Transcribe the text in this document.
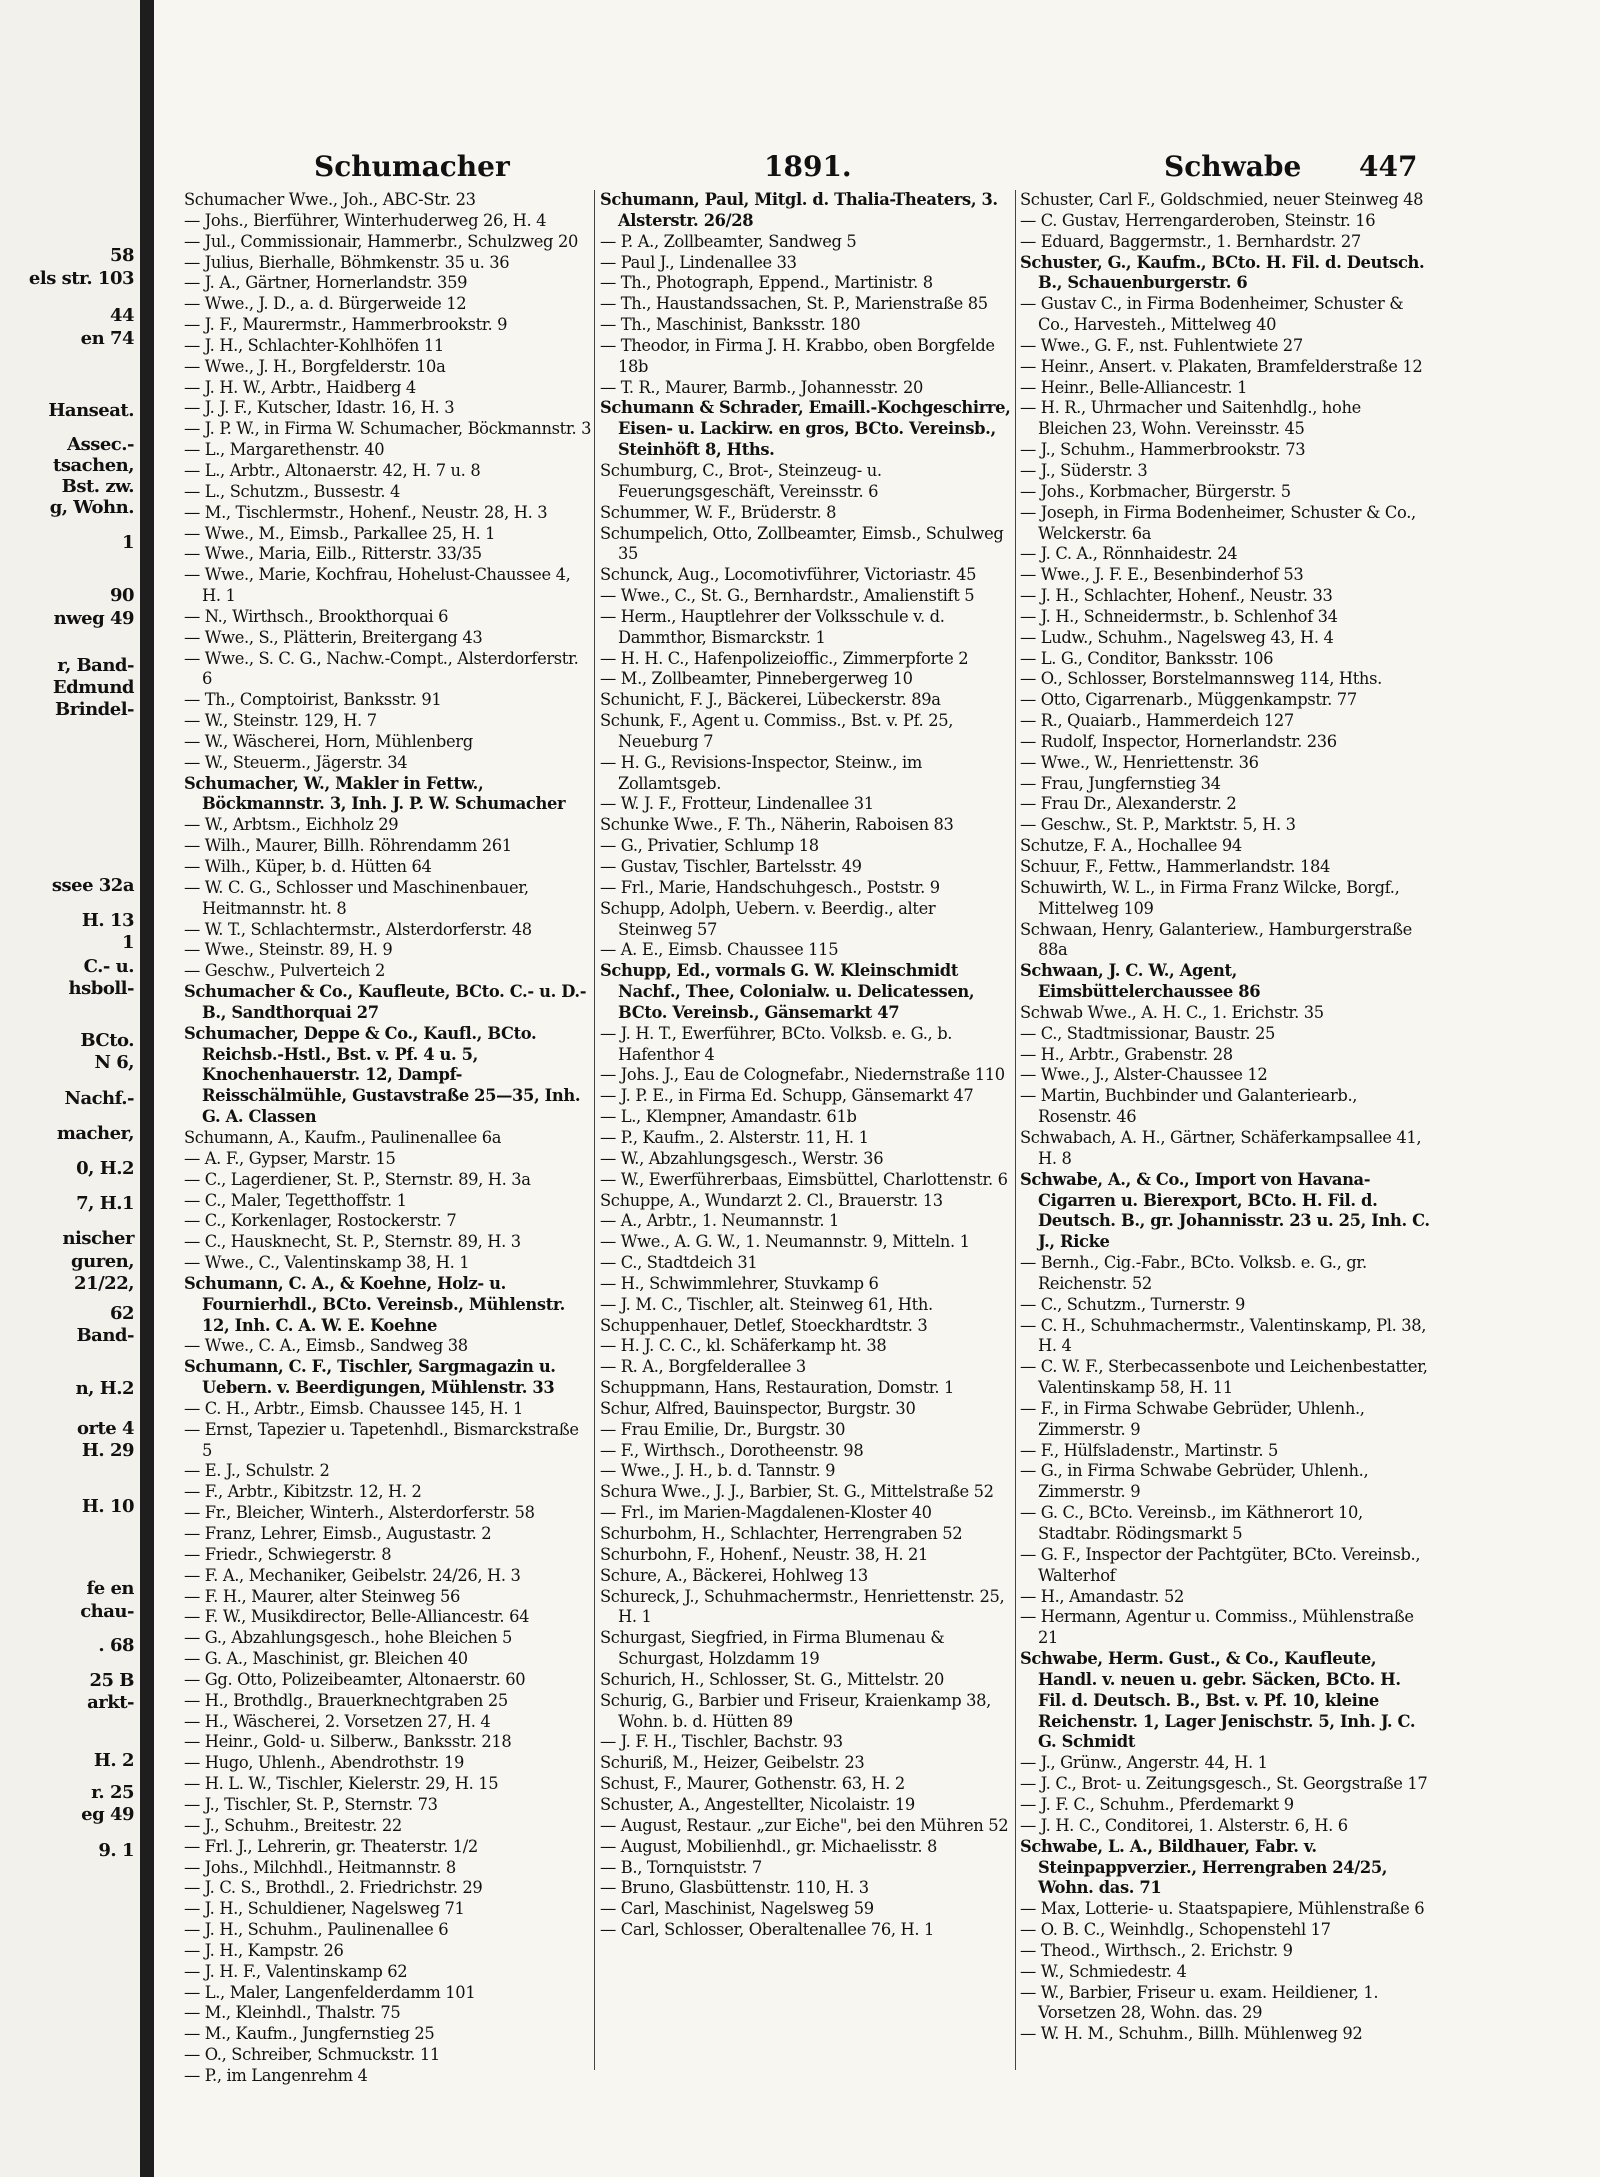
58
els str. 103
44
en 74
Hanseat.
Assec.-
tsachen,
Bst. zw.
g, Wohn.
1
90
nweg 49
r, Band-
Edmund
Brindel-
ssee 32a
H. 13
1
C.- u.
hsboll-
BCto.
N 6,
Nachf.-
macher,
0, H.2
7, H.1
nischer
guren,
21/22,
62
Band-
n, H.2
orte 4
H. 29
H. 10
fe en
chau-
. 68
25 B
arkt-
H. 2
r. 25
eg 49
9. 1
Schumacher	1891.	Schwabe 447
Schumacher Wwe., Joh., ABC-Str. 23
— Johs., Bierführer, Winterhuderweg 26, H. 4
— Jul., Commissionair, Hammerbr., Schulzweg 20
— Julius, Bierhalle, Böhmkenstr. 35 u. 36
— J. A., Gärtner, Hornerlandstr. 359
— Wwe., J. D., a. d. Bürgerweide 12
— J. F., Maurermstr., Hammerbrookstr. 9
— J. H., Schlachter-Kohlhöfen 11
— Wwe., J. H., Borgfelderstr. 10a
— J. H. W., Arbtr., Haidberg 4
— J. J. F., Kutscher, Idastr. 16, H. 3
— J. P. W., in Firma W. Schumacher, Böckmannstr. 3
— L., Margarethenstr. 40
— L., Arbtr., Altonaerstr. 42, H. 7 u. 8
— L., Schutzm., Bussestr. 4
— M., Tischlermstr., Hohenf., Neustr. 28, H. 3
— Wwe., M., Eimsb., Parkallee 25, H. 1
— Wwe., Maria, Eilb., Ritterstr. 33/35
— Wwe., Marie, Kochfrau, Hohelust-Chaussee 4, H. 1
— N., Wirthsch., Brookthorquai 6
— Wwe., S., Plätterin, Breitergang 43
— Wwe., S. C. G., Nachw.-Compt., Alsterdorferstr. 6
— Th., Comptoirist, Banksstr. 91
— W., Steinstr. 129, H. 7
— W., Wäscherei, Horn, Mühlenberg
— W., Steuerm., Jägerstr. 34
Schumacher, W., Makler in Fettw., Böckmannstr. 3, Inh. J. P. W. Schumacher
— W., Arbtsm., Eichholz 29
— Wilh., Maurer, Billh. Röhrendamm 261
— Wilh., Küper, b. d. Hütten 64
— W. C. G., Schlosser und Maschinenbauer, Heitmannstr. ht. 8
— W. T., Schlachtermstr., Alsterdorferstr. 48
— Wwe., Steinstr. 89, H. 9
— Geschw., Pulverteich 2
Schumacher & Co., Kaufleute, BCto. C.- u. D.-B., Sandthorquai 27
Schumacher, Deppe & Co., Kaufl., BCto. Reichsb.-Hstl., Bst. v. Pf. 4 u. 5, Knochenhauerstr. 12, Dampf-Reisschälmühle, Gustavstraße 25—35, Inh. G. A. Classen
Schumann, A., Kaufm., Paulinenallee 6a
— A. F., Gypser, Marstr. 15
— C., Lagerdiener, St. P., Sternstr. 89, H. 3a
— C., Maler, Tegetthoffstr. 1
— C., Korkenlager, Rostockerstr. 7
— C., Hausknecht, St. P., Sternstr. 89, H. 3
— Wwe., C., Valentinskamp 38, H. 1
Schumann, C. A., & Koehne, Holz- u. Fournierhdl., BCto. Vereinsb., Mühlenstr. 12, Inh. C. A. W. E. Koehne
— Wwe., C. A., Eimsb., Sandweg 38
Schumann, C. F., Tischler, Sargmagazin u. Uebern. v. Beerdigungen, Mühlenstr. 33
— C. H., Arbtr., Eimsb. Chaussee 145, H. 1
— Ernst, Tapezier u. Tapetenhdl., Bismarckstraße 5
— E. J., Schulstr. 2
— F., Arbtr., Kibitzstr. 12, H. 2
— Fr., Bleicher, Winterh., Alsterdorferstr. 58
— Franz, Lehrer, Eimsb., Augustastr. 2
— Friedr., Schwiegerstr. 8
— F. A., Mechaniker, Geibelstr. 24/26, H. 3
— F. H., Maurer, alter Steinweg 56
— F. W., Musikdirector, Belle-Alliancestr. 64
— G., Abzahlungsgesch., hohe Bleichen 5
— G. A., Maschinist, gr. Bleichen 40
— Gg. Otto, Polizeibeamter, Altonaerstr. 60
— H., Brothdlg., Brauerknechtgraben 25
— H., Wäscherei, 2. Vorsetzen 27, H. 4
— Heinr., Gold- u. Silberw., Banksstr. 218
— Hugo, Uhlenh., Abendrothstr. 19
— H. L. W., Tischler, Kielerstr. 29, H. 15
— J., Tischler, St. P., Sternstr. 73
— J., Schuhm., Breitestr. 22
— Frl. J., Lehrerin, gr. Theaterstr. 1/2
— Johs., Milchhdl., Heitmannstr. 8
— J. C. S., Brothdl., 2. Friedrichstr. 29
— J. H., Schuldiener, Nagelsweg 71
— J. H., Schuhm., Paulinenallee 6
— J. H., Kampstr. 26
— J. H. F., Valentinskamp 62
— L., Maler, Langenfelderdamm 101
— M., Kleinhdl., Thalstr. 75
— M., Kaufm., Jungfernstieg 25
— O., Schreiber, Schmuckstr. 11
— P., im Langenrehm 4
Schumann, Paul, Mitgl. d. Thalia-Theaters, 3. Alsterstr. 26/28
— P. A., Zollbeamter, Sandweg 5
— Paul J., Lindenallee 33
— Th., Photograph, Eppend., Martinistr. 8
— Th., Haustandssachen, St. P., Marienstraße 85
— Th., Maschinist, Banksstr. 180
— Theodor, in Firma J. H. Krabbo, oben Borgfelde 18b
— T. R., Maurer, Barmb., Johannesstr. 20
Schumann & Schrader, Emaill.-Kochgeschirre, Eisen- u. Lackirw. en gros, BCto. Vereinsb., Steinhöft 8, Hths.
Schumburg, C., Brot-, Steinzeug- u. Feuerungsgeschäft, Vereinsstr. 6
Schummer, W. F., Brüderstr. 8
Schumpelich, Otto, Zollbeamter, Eimsb., Schulweg 35
Schunck, Aug., Locomotivführer, Victoriastr. 45
— Wwe., C., St. G., Bernhardstr., Amalienstift 5
— Herm., Hauptlehrer der Volksschule v. d. Dammthor, Bismarckstr. 1
— H. H. C., Hafenpolizeioffic., Zimmerpforte 2
— M., Zollbeamter, Pinnebergerweg 10
Schunicht, F. J., Bäckerei, Lübeckerstr. 89a
Schunk, F., Agent u. Commiss., Bst. v. Pf. 25, Neueburg 7
— H. G., Revisions-Inspector, Steinw., im Zollamtsgeb.
— W. J. F., Frotteur, Lindenallee 31
Schunke Wwe., F. Th., Näherin, Raboisen 83
— G., Privatier, Schlump 18
— Gustav, Tischler, Bartelsstr. 49
— Frl., Marie, Handschuhgesch., Poststr. 9
Schupp, Adolph, Uebern. v. Beerdig., alter Steinweg 57
— A. E., Eimsb. Chaussee 115
Schupp, Ed., vormals G. W. Kleinschmidt Nachf., Thee, Colonialw. u. Delicatessen, BCto. Vereinsb., Gänsemarkt 47
— J. H. T., Ewerführer, BCto. Volksb. e. G., b. Hafenthor 4
— Johs. J., Eau de Colognefabr., Niedernstraße 110
— J. P. E., in Firma Ed. Schupp, Gänsemarkt 47
— L., Klempner, Amandastr. 61b
— P., Kaufm., 2. Alsterstr. 11, H. 1
— W., Abzahlungsgesch., Werstr. 36
— W., Ewerführerbaas, Eimsbüttel, Charlottenstr. 6
Schuppe, A., Wundarzt 2. Cl., Brauerstr. 13
— A., Arbtr., 1. Neumannstr. 1
— Wwe., A. G. W., 1. Neumannstr. 9, Mitteln. 1
— C., Stadtdeich 31
— H., Schwimmlehrer, Stuvkamp 6
— J. M. C., Tischler, alt. Steinweg 61, Hth.
Schuppenhauer, Detlef, Stoeckhardtstr. 3
— H. J. C. C., kl. Schäferkamp ht. 38
— R. A., Borgfelderallee 3
Schuppmann, Hans, Restauration, Domstr. 1
Schur, Alfred, Bauinspector, Burgstr. 30
— Frau Emilie, Dr., Burgstr. 30
— F., Wirthsch., Dorotheenstr. 98
— Wwe., J. H., b. d. Tannstr. 9
Schura Wwe., J. J., Barbier, St. G., Mittelstraße 52
— Frl., im Marien-Magdalenen-Kloster 40
Schurbohm, H., Schlachter, Herrengraben 52
Schurbohn, F., Hohenf., Neustr. 38, H. 21
Schure, A., Bäckerei, Hohlweg 13
Schureck, J., Schuhmachermstr., Henriettenstr. 25, H. 1
Schurgast, Siegfried, in Firma Blumenau & Schurgast, Holzdamm 19
Schurich, H., Schlosser, St. G., Mittelstr. 20
Schurig, G., Barbier und Friseur, Kraienkamp 38, Wohn. b. d. Hütten 89
— J. F. H., Tischler, Bachstr. 93
Schuriß, M., Heizer, Geibelstr. 23
Schust, F., Maurer, Gothenstr. 63, H. 2
Schuster, A., Angestellter, Nicolaistr. 19
— August, Restaur. „zur Eiche", bei den Mühren 52
— August, Mobilienhdl., gr. Michaelisstr. 8
— B., Tornquiststr. 7
— Bruno, Glasbüttenstr. 110, H. 3
— Carl, Maschinist, Nagelsweg 59
— Carl, Schlosser, Oberaltenallee 76, H. 1
Schuster, Carl F., Goldschmied, neuer Steinweg 48
— C. Gustav, Herrengarderoben, Steinstr. 16
— Eduard, Baggermstr., 1. Bernhardstr. 27
Schuster, G., Kaufm., BCto. H. Fil. d. Deutsch. B., Schauenburgerstr. 6
— Gustav C., in Firma Bodenheimer, Schuster & Co., Harvesteh., Mittelweg 40
— Wwe., G. F., nst. Fuhlentwiete 27
— Heinr., Ansert. v. Plakaten, Bramfelderstraße 12
— Heinr., Belle-Alliancestr. 1
— H. R., Uhrmacher und Saitenhdlg., hohe Bleichen 23, Wohn. Vereinsstr. 45
— J., Schuhm., Hammerbrookstr. 73
— J., Süderstr. 3
— Johs., Korbmacher, Bürgerstr. 5
— Joseph, in Firma Bodenheimer, Schuster & Co., Welckerstr. 6a
— J. C. A., Rönnhaidestr. 24
— Wwe., J. F. E., Besenbinderhof 53
— J. H., Schlachter, Hohenf., Neustr. 33
— J. H., Schneidermstr., b. Schlenhof 34
— Ludw., Schuhm., Nagelsweg 43, H. 4
— L. G., Conditor, Banksstr. 106
— O., Schlosser, Borstelmannsweg 114, Hths.
— Otto, Cigarrenarb., Müggenkampstr. 77
— R., Quaiarb., Hammerdeich 127
— Rudolf, Inspector, Hornerlandstr. 236
— Wwe., W., Henriettenstr. 36
— Frau, Jungfernstieg 34
— Frau Dr., Alexanderstr. 2
— Geschw., St. P., Marktstr. 5, H. 3
Schutze, F. A., Hochallee 94
Schuur, F., Fettw., Hammerlandstr. 184
Schuwirth, W. L., in Firma Franz Wilcke, Borgf., Mittelweg 109
Schwaan, Henry, Galanteriew., Hamburgerstraße 88a
Schwaan, J. C. W., Agent, Eimsbüttelerchaussee 86
Schwab Wwe., A. H. C., 1. Erichstr. 35
— C., Stadtmissionar, Baustr. 25
— H., Arbtr., Grabenstr. 28
— Wwe., J., Alster-Chaussee 12
— Martin, Buchbinder und Galanteriearb., Rosenstr. 46
Schwabach, A. H., Gärtner, Schäferkampsallee 41, H. 8
Schwabe, A., & Co., Import von Havana-Cigarren u. Bierexport, BCto. H. Fil. d. Deutsch. B., gr. Johannisstr. 23 u. 25, Inh. C. J., Ricke
— Bernh., Cig.-Fabr., BCto. Volksb. e. G., gr. Reichenstr. 52
— C., Schutzm., Turnerstr. 9
— C. H., Schuhmachermstr., Valentinskamp, Pl. 38, H. 4
— C. W. F., Sterbecassenbote und Leichenbestatter, Valentinskamp 58, H. 11
— F., in Firma Schwabe Gebrüder, Uhlenh., Zimmerstr. 9
— F., Hülfsladenstr., Martinstr. 5
— G., in Firma Schwabe Gebrüder, Uhlenh., Zimmerstr. 9
— G. C., BCto. Vereinsb., im Käthnerort 10, Stadtabr. Rödingsmarkt 5
— G. F., Inspector der Pachtgüter, BCto. Vereinsb., Walterhof
— H., Amandastr. 52
— Hermann, Agentur u. Commiss., Mühlenstraße 21
Schwabe, Herm. Gust., & Co., Kaufleute, Handl. v. neuen u. gebr. Säcken, BCto. H. Fil. d. Deutsch. B., Bst. v. Pf. 10, kleine Reichenstr. 1, Lager Jenischstr. 5, Inh. J. C. G. Schmidt
— J., Grünw., Angerstr. 44, H. 1
— J. C., Brot- u. Zeitungsgesch., St. Georgstraße 17
— J. F. C., Schuhm., Pferdemarkt 9
— J. H. C., Conditorei, 1. Alsterstr. 6, H. 6
Schwabe, L. A., Bildhauer, Fabr. v. Steinpappverzier., Herrengraben 24/25, Wohn. das. 71
— Max, Lotterie- u. Staatspapiere, Mühlenstraße 6
— O. B. C., Weinhdlg., Schopenstehl 17
— Theod., Wirthsch., 2. Erichstr. 9
— W., Schmiedestr. 4
— W., Barbier, Friseur u. exam. Heildiener, 1. Vorsetzen 28, Wohn. das. 29
— W. H. M., Schuhm., Billh. Mühlenweg 92
